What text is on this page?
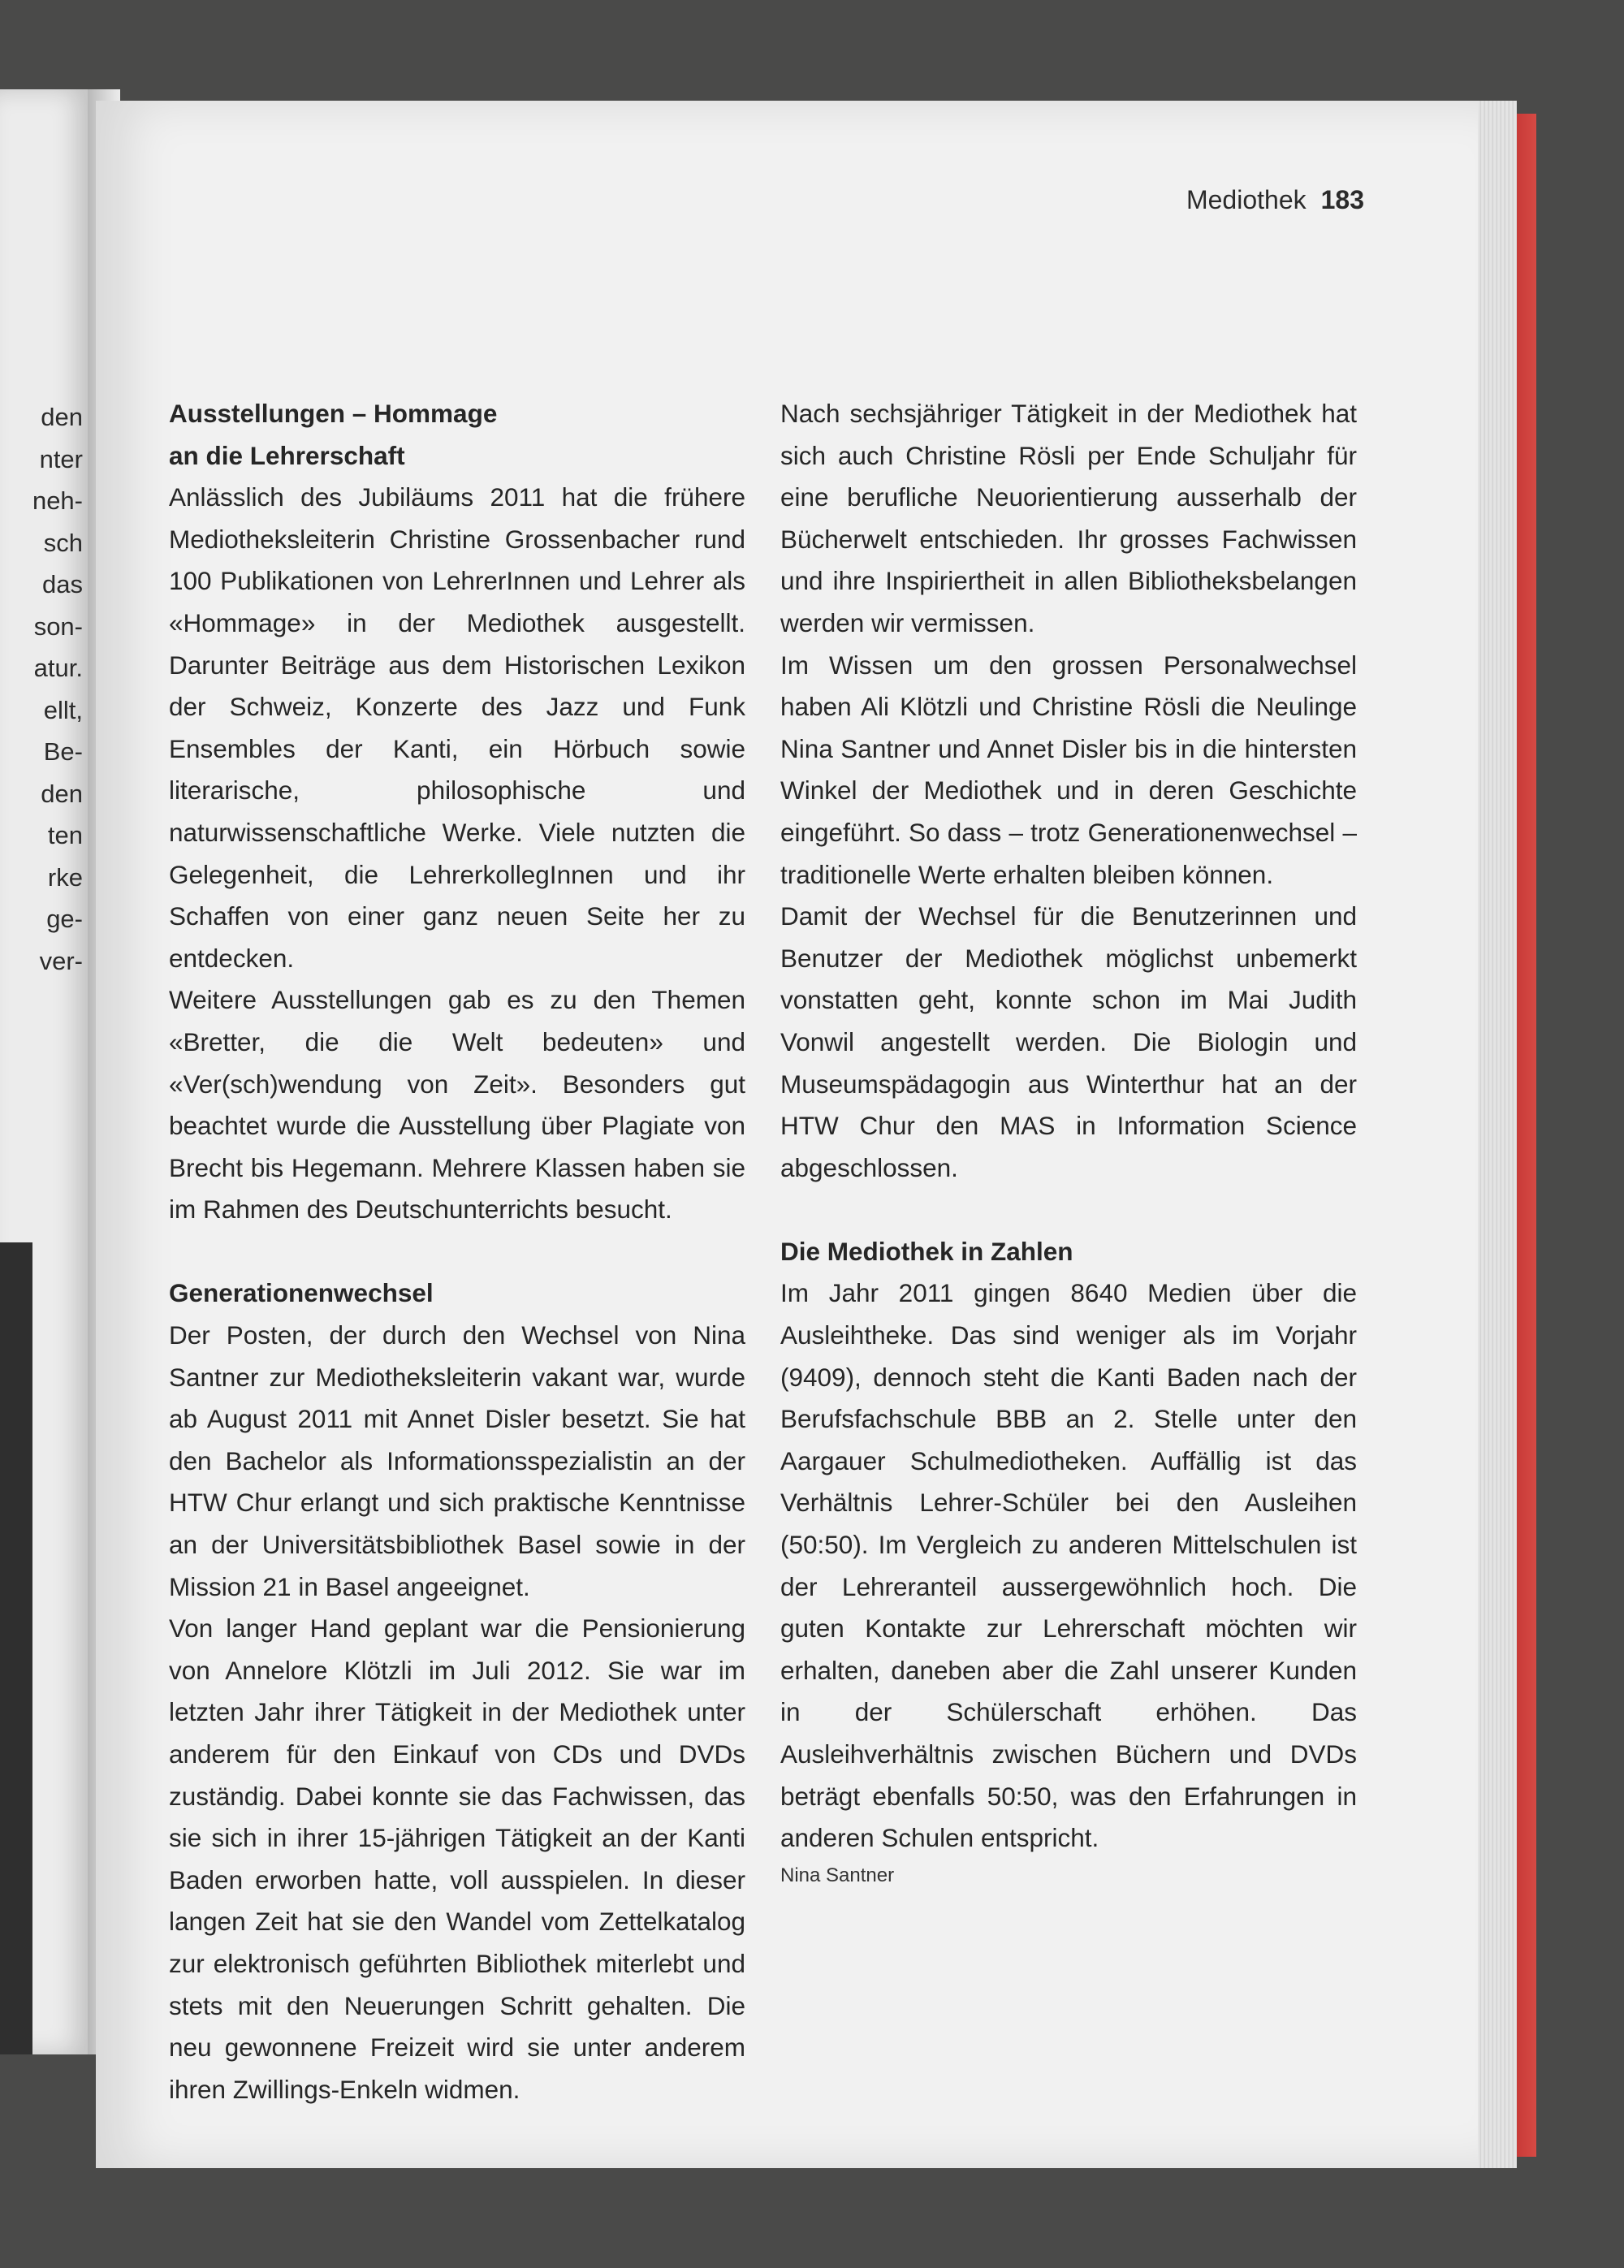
den
nter
neh-
sch
das
son-
atur.
ellt,
Be-
den
ten
rke
ge-
ver-
Mediothek 183

Ausstellungen – Hommage an die Lehrerschaft

Anlässlich des Jubiläums 2011 hat die frühere Mediotheksleiterin Christine Grossenbacher rund 100 Publikationen von LehrerInnen und Lehrer als «Hommage» in der Mediothek ausgestellt. Darunter Beiträge aus dem Historischen Lexikon der Schweiz, Konzerte des Jazz und Funk Ensembles der Kanti, ein Hörbuch sowie literarische, philosophische und naturwissenschaftliche Werke. Viele nutzten die Gelegenheit, die LehrerkollegInnen und ihr Schaffen von einer ganz neuen Seite her zu entdecken.

Weitere Ausstellungen gab es zu den Themen «Bretter, die die Welt bedeuten» und «Ver(sch)wendung von Zeit». Besonders gut beachtet wurde die Ausstellung über Plagiate von Brecht bis Hegemann. Mehrere Klassen haben sie im Rahmen des Deutschunterrichts besucht.

Generationenwechsel

Der Posten, der durch den Wechsel von Nina Santner zur Mediotheksleiterin vakant war, wurde ab August 2011 mit Annet Disler besetzt. Sie hat den Bachelor als Informationsspezialistin an der HTW Chur erlangt und sich praktische Kenntnisse an der Universitätsbibliothek Basel sowie in der Mission 21 in Basel angeeignet.

Von langer Hand geplant war die Pensionierung von Annelore Klötzli im Juli 2012. Sie war im letzten Jahr ihrer Tätigkeit in der Mediothek unter anderem für den Einkauf von CDs und DVDs zuständig. Dabei konnte sie das Fachwissen, das sie sich in ihrer 15-jährigen Tätigkeit an der Kanti Baden erworben hatte, voll ausspielen. In dieser langen Zeit hat sie den Wandel vom Zettelkatalog zur elektronisch geführten Bibliothek miterlebt und stets mit den Neuerungen Schritt gehalten. Die neu gewonnene Freizeit wird sie unter anderem ihren Zwillings-Enkeln widmen.

Nach sechsjähriger Tätigkeit in der Mediothek hat sich auch Christine Rösli per Ende Schuljahr für eine berufliche Neuorientierung ausserhalb der Bücherwelt entschieden. Ihr grosses Fachwissen und ihre Inspiriertheit in allen Bibliotheksbelangen werden wir vermissen.

Im Wissen um den grossen Personalwechsel haben Ali Klötzli und Christine Rösli die Neulinge Nina Santner und Annet Disler bis in die hintersten Winkel der Mediothek und in deren Geschichte eingeführt. So dass – trotz Generationenwechsel – traditionelle Werte erhalten bleiben können.

Damit der Wechsel für die Benutzerinnen und Benutzer der Mediothek möglichst unbemerkt vonstatten geht, konnte schon im Mai Judith Vonwil angestellt werden. Die Biologin und Museumspädagogin aus Winterthur hat an der HTW Chur den MAS in Information Science abgeschlossen.

Die Mediothek in Zahlen

Im Jahr 2011 gingen 8640 Medien über die Ausleihtheke. Das sind weniger als im Vorjahr (9409), dennoch steht die Kanti Baden nach der Berufsfachschule BBB an 2. Stelle unter den Aargauer Schulmediotheken. Auffällig ist das Verhältnis Lehrer-Schüler bei den Ausleihen (50:50). Im Vergleich zu anderen Mittelschulen ist der Lehreranteil aussergewöhnlich hoch. Die guten Kontakte zur Lehrerschaft möchten wir erhalten, daneben aber die Zahl unserer Kunden in der Schülerschaft erhöhen. Das Ausleihverhältnis zwischen Büchern und DVDs beträgt ebenfalls 50:50, was den Erfahrungen in anderen Schulen entspricht.

Nina Santner
